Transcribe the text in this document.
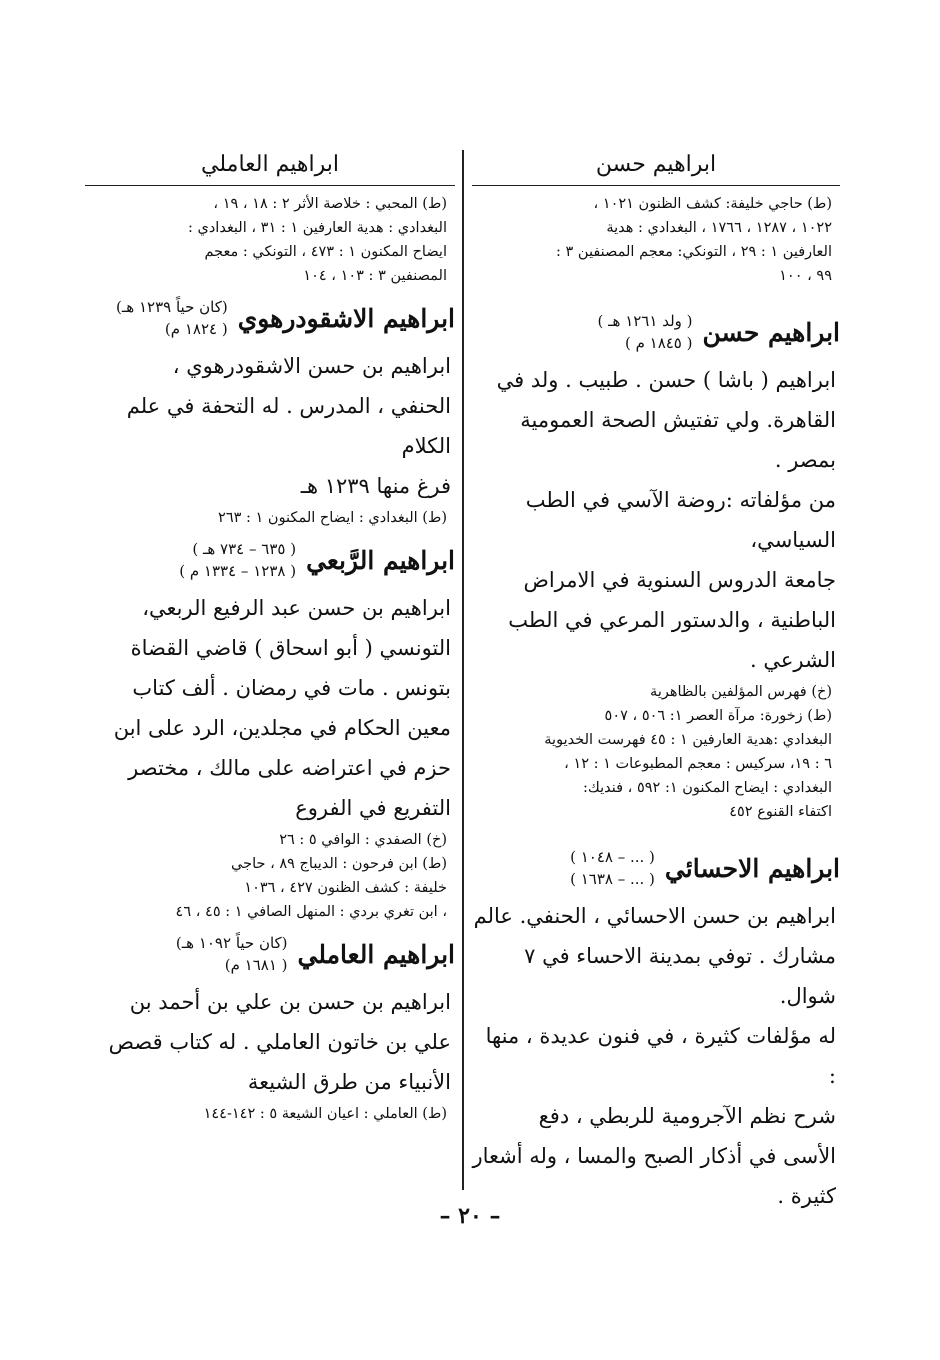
ابراهيم العاملي
(ط) المحبي : خلاصة الأثر ٢ : ١٨ ، ١٩ ،
البغدادي : هدية العارفين ١ : ٣١ ، البغدادي :
ايضاح المكنون ١ : ٤٧٣ ، التونكي : معجم
المصنفين ٣ : ١٠٣ ، ١٠٤
ابراهيم الاشقودرهوي
(كان حياً ١٢٣٩ هـ)
( ١٨٢٤ م)
ابراهيم بن حسن الاشقودرهوي ،
الحنفي ، المدرس . له التحفة في علم الكلام
فرغ منها ١٢٣٩ هـ
(ط) البغدادي : ايضاح المكنون ١ : ٢٦٣
ابراهيم الرَّبعي
( ٦٣٥ – ٧٣٤ هـ )
( ١٢٣٨ – ١٣٣٤ م )
ابراهيم بن حسن عبد الرفيع الربعي،
التونسي ( أبو اسحاق ) قاضي القضاة
بتونس . مات في رمضان . ألف كتاب
معين الحكام في مجلدين، الرد على ابن
حزم في اعتراضه على مالك ، مختصر
التفريع في الفروع
(خ) الصفدي : الوافي ٥ : ٢٦
(ط) ابن فرحون : الديباج ٨٩ ، حاجي
خليفة : كشف الظنون ٤٢٧ ، ١٠٣٦
، ابن تغري بردي : المنهل الصافي ١ : ٤٥ ، ٤٦
ابراهيم العاملي
(كان حياً ١٠٩٢ هـ)
( ١٦٨١ م)
ابراهيم بن حسن بن علي بن أحمد بن
علي بن خاتون العاملي . له كتاب قصص
الأنبياء من طرق الشيعة
(ط) العاملي : اعيان الشيعة ٥ : ١٤٢-١٤٤
ابراهيم حسن
(ط) حاجي خليفة: كشف الظنون ١٠٢١ ،
١٠٢٢ ، ١٢٨٧ ، ١٧٦٦ ، البغدادي : هدية
العارفين ١ : ٢٩ ، التونكي: معجم المصنفين ٣ :
٩٩ ، ١٠٠
ابراهيم حسن
( ولد ١٢٦١ هـ )
( ١٨٤٥ م )
ابراهيم ( باشا ) حسن . طبيب . ولد في
القاهرة. ولي تفتيش الصحة العمومية بمصر .
من مؤلفاته :روضة الآسي في الطب السياسي،
جامعة الدروس السنوية في الامراض
الباطنية ، والدستور المرعي في الطب
الشرعي .
(خ) فهرس المؤلفين بالظاهرية
(ط) زخورة: مرآة العصر ١: ٥٠٦ ، ٥٠٧
البغدادي :هدية العارفين ١ : ٤٥ فهرست الخديوية
٦ : ١٩، سركيس : معجم المطبوعات ١ : ١٢ ،
البغدادي : ايضاح المكنون ١: ٥٩٢ ، فنديك:
اكتفاء القنوع ٤٥٢
ابراهيم الاحسائي
( ... – ١٠٤٨ )
( ... – ١٦٣٨ )
ابراهيم بن حسن الاحسائي ، الحنفي. عالم
مشارك . توفي بمدينة الاحساء في ٧ شوال.
له مؤلفات كثيرة ، في فنون عديدة ، منها :
شرح نظم الآجرومية للربطي ، دفع
الأسى في أذكار الصبح والمسا ، وله أشعار
كثيرة .
– ٢٠ –
